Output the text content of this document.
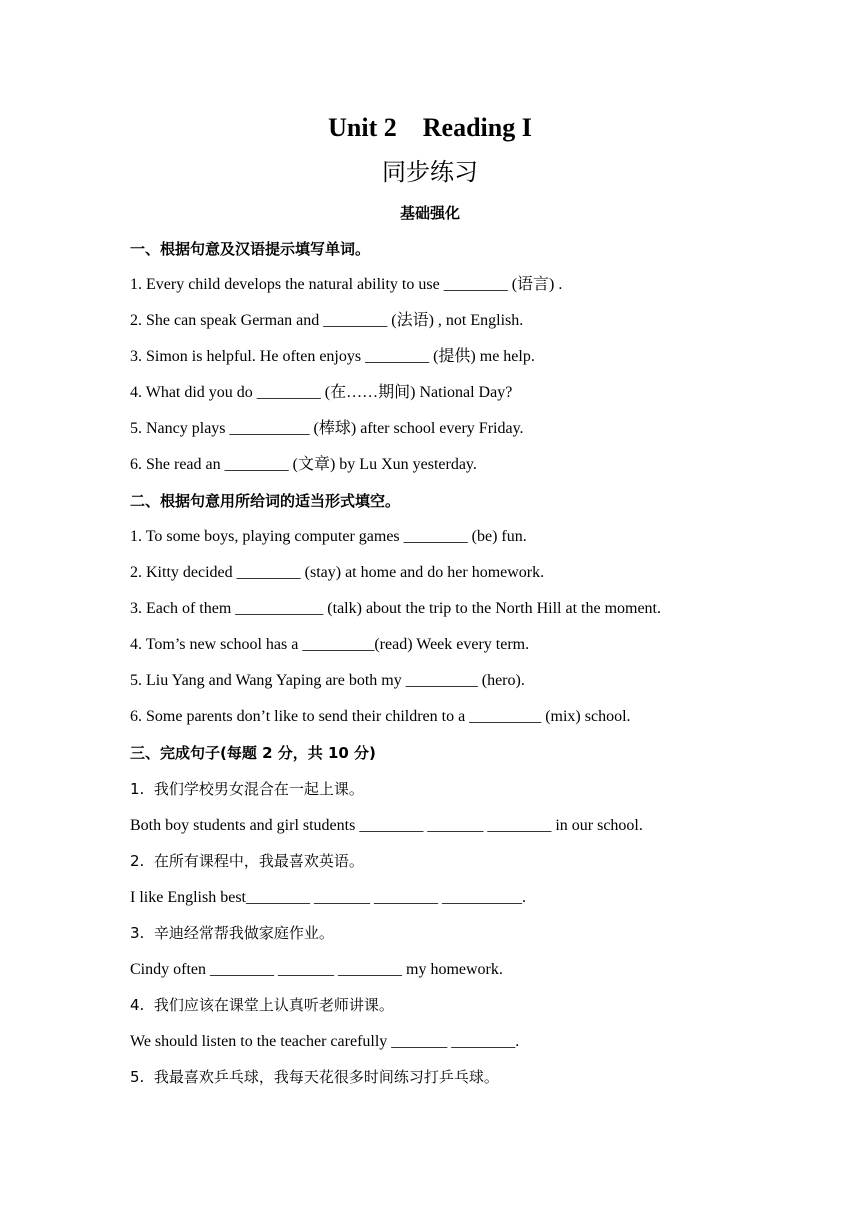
Unit 2    Reading I
同步练习
基础强化
一、根据句意及汉语提示填写单词。
1. Every child develops the natural ability to use ________ (语言) .
2. She can speak German and ________ (法语) , not English.
3. Simon is helpful. He often enjoys ________ (提供) me help.
4. What did you do ________ (在……期间) National Day?
5. Nancy plays __________ (棒球) after school every Friday.
6. She read an ________ (文章) by Lu Xun yesterday.
二、根据句意用所给词的适当形式填空。
1. To some boys, playing computer games ________ (be) fun.
2. Kitty decided ________ (stay) at home and do her homework.
3. Each of them ___________ (talk) about the trip to the North Hill at the moment.
4. Tom’s new school has a _________(read) Week every term.
5. Liu Yang and Wang Yaping are both my _________ (hero).
6. Some parents don’t like to send their children to a _________ (mix) school.
三、完成句子(每题 2 分，共 10 分)
1.  我们学校男女混合在一起上课。
Both boy students and girl students ________ _______ ________ in our school.
2.  在所有课程中，我最喜欢英语。
I like English best________ _______ ________ __________.
3.  辛迪经常帮我做家庭作业。
Cindy often ________ _______ ________ my homework.
4.  我们应该在课堂上认真听老师讲课。
We should listen to the teacher carefully _______ ________.
5.  我最喜欢乒乓球，我每天花很多时间练习打乒乓球。
